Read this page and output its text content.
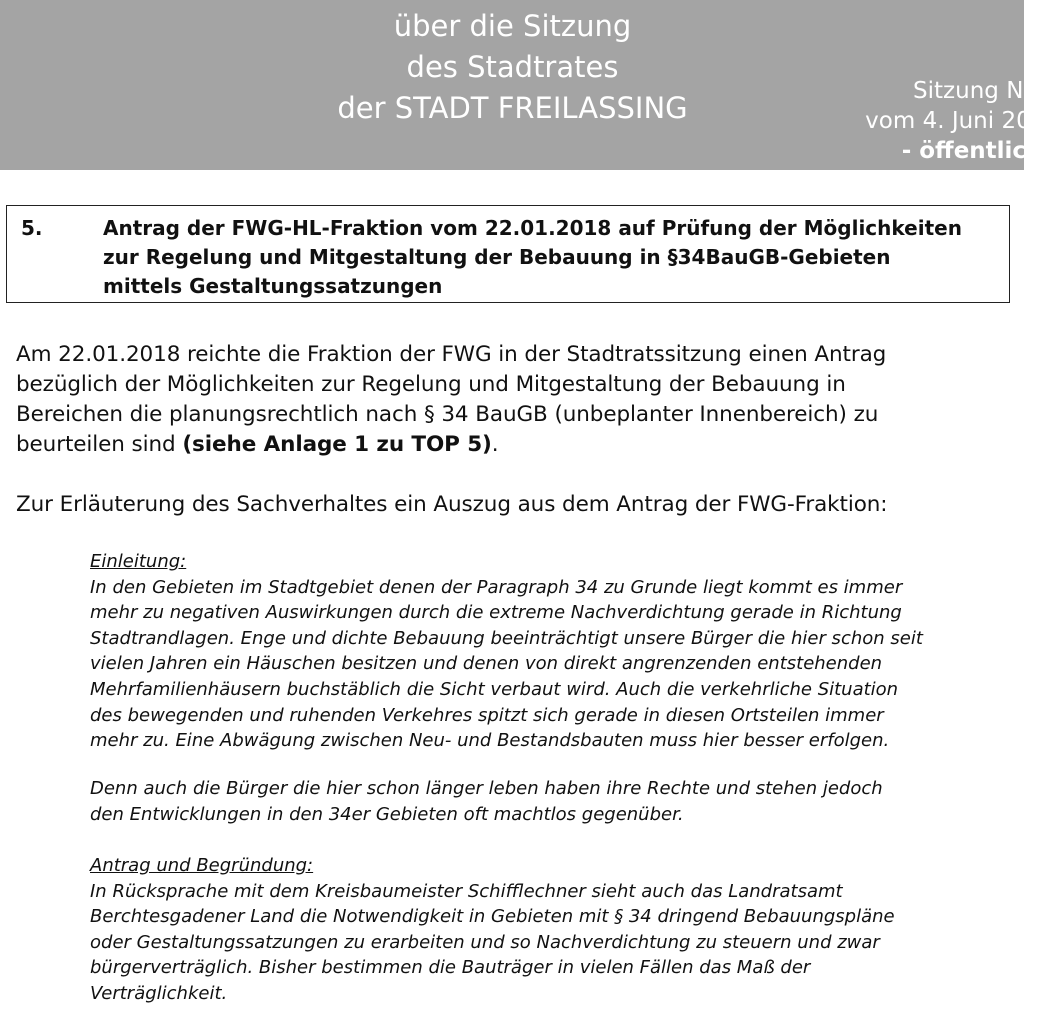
über die Sitzung
des Stadtrates
der STADT FREILASSING	Sitzung Nr. 6
vom 4. Juni 2018
- öffentlich -
5.	Antrag der FWG-HL-Fraktion vom 22.01.2018 auf Prüfung der Möglichkeiten
zur Regelung und Mitgestaltung der Bebauung in §34BauGB-Gebieten
mittels Gestaltungssatzungen
Am 22.01.2018 reichte die Fraktion der FWG in der Stadtratssitzung einen Antrag
bezüglich der Möglichkeiten zur Regelung und Mitgestaltung der Bebauung in
Bereichen die planungsrechtlich nach § 34 BauGB (unbeplanter Innenbereich) zu
beurteilen sind (siehe Anlage 1 zu TOP 5).
Zur Erläuterung des Sachverhaltes ein Auszug aus dem Antrag der FWG-Fraktion:
Einleitung:
In den Gebieten im Stadtgebiet denen der Paragraph 34 zu Grunde liegt kommt es immer
mehr zu negativen Auswirkungen durch die extreme Nachverdichtung gerade in Richtung
Stadtrandlagen. Enge und dichte Bebauung beeinträchtigt unsere Bürger die hier schon seit
vielen Jahren ein Häuschen besitzen und denen von direkt angrenzenden entstehenden
Mehrfamilienhäusern buchstäblich die Sicht verbaut wird. Auch die verkehrliche Situation
des bewegenden und ruhenden Verkehres spitzt sich gerade in diesen Ortsteilen immer
mehr zu. Eine Abwägung zwischen Neu- und Bestandsbauten muss hier besser erfolgen.
Denn auch die Bürger die hier schon länger leben haben ihre Rechte und stehen jedoch
den Entwicklungen in den 34er Gebieten oft machtlos gegenüber.
Antrag und Begründung:
In Rücksprache mit dem Kreisbaumeister Schifflechner sieht auch das Landratsamt
Berchtesgadener Land die Notwendigkeit in Gebieten mit § 34 dringend Bebauungspläne
oder Gestaltungssatzungen zu erarbeiten und so Nachverdichtung zu steuern und zwar
bürgerverträglich. Bisher bestimmen die Bauträger in vielen Fällen das Maß der
Verträglichkeit.
